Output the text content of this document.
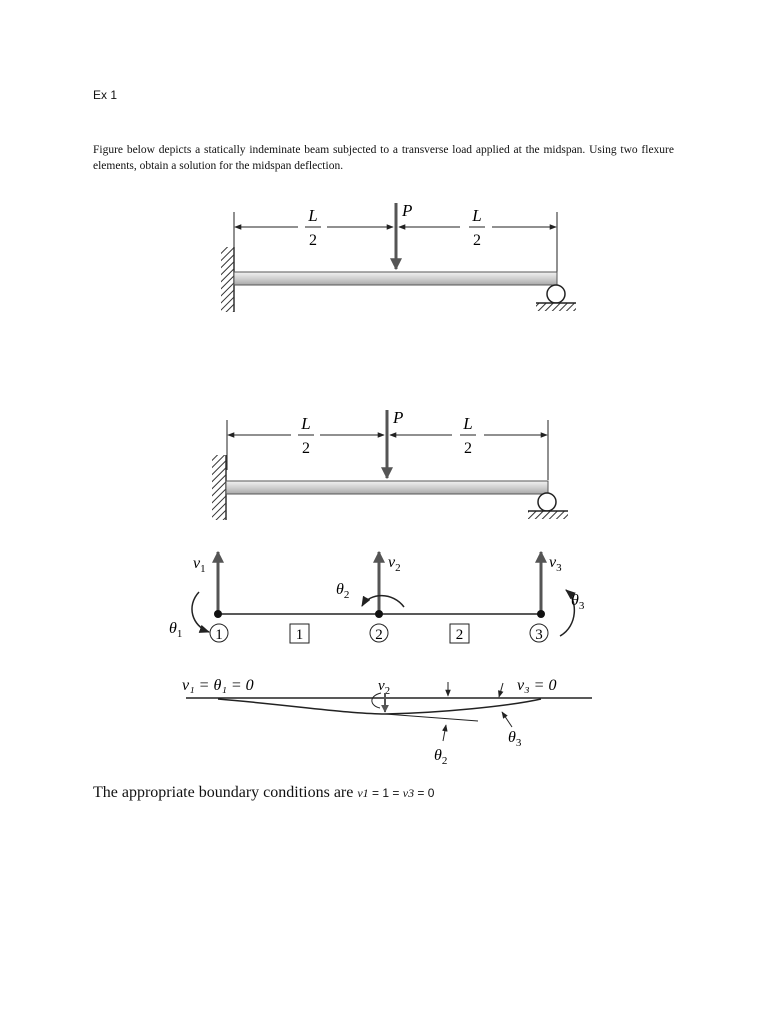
Ex 1
Figure below depicts a statically indeminate beam subjected to a transverse load applied at the midspan. Using two flexure elements, obtain a solution for the midspan deflection.
L
2
L
2
P
L
2
L
2
P
$v_1$	$v_2$	$v_3$
$\theta_1$
$\theta_2$	$\theta_3$
1	2	3
1	2
v₁ = θ₁ = 0	v₃ = 0
$v_2$
$\theta_3$
$\theta_2$
The appropriate boundary conditions are v1 = 1 = v3 = 0
